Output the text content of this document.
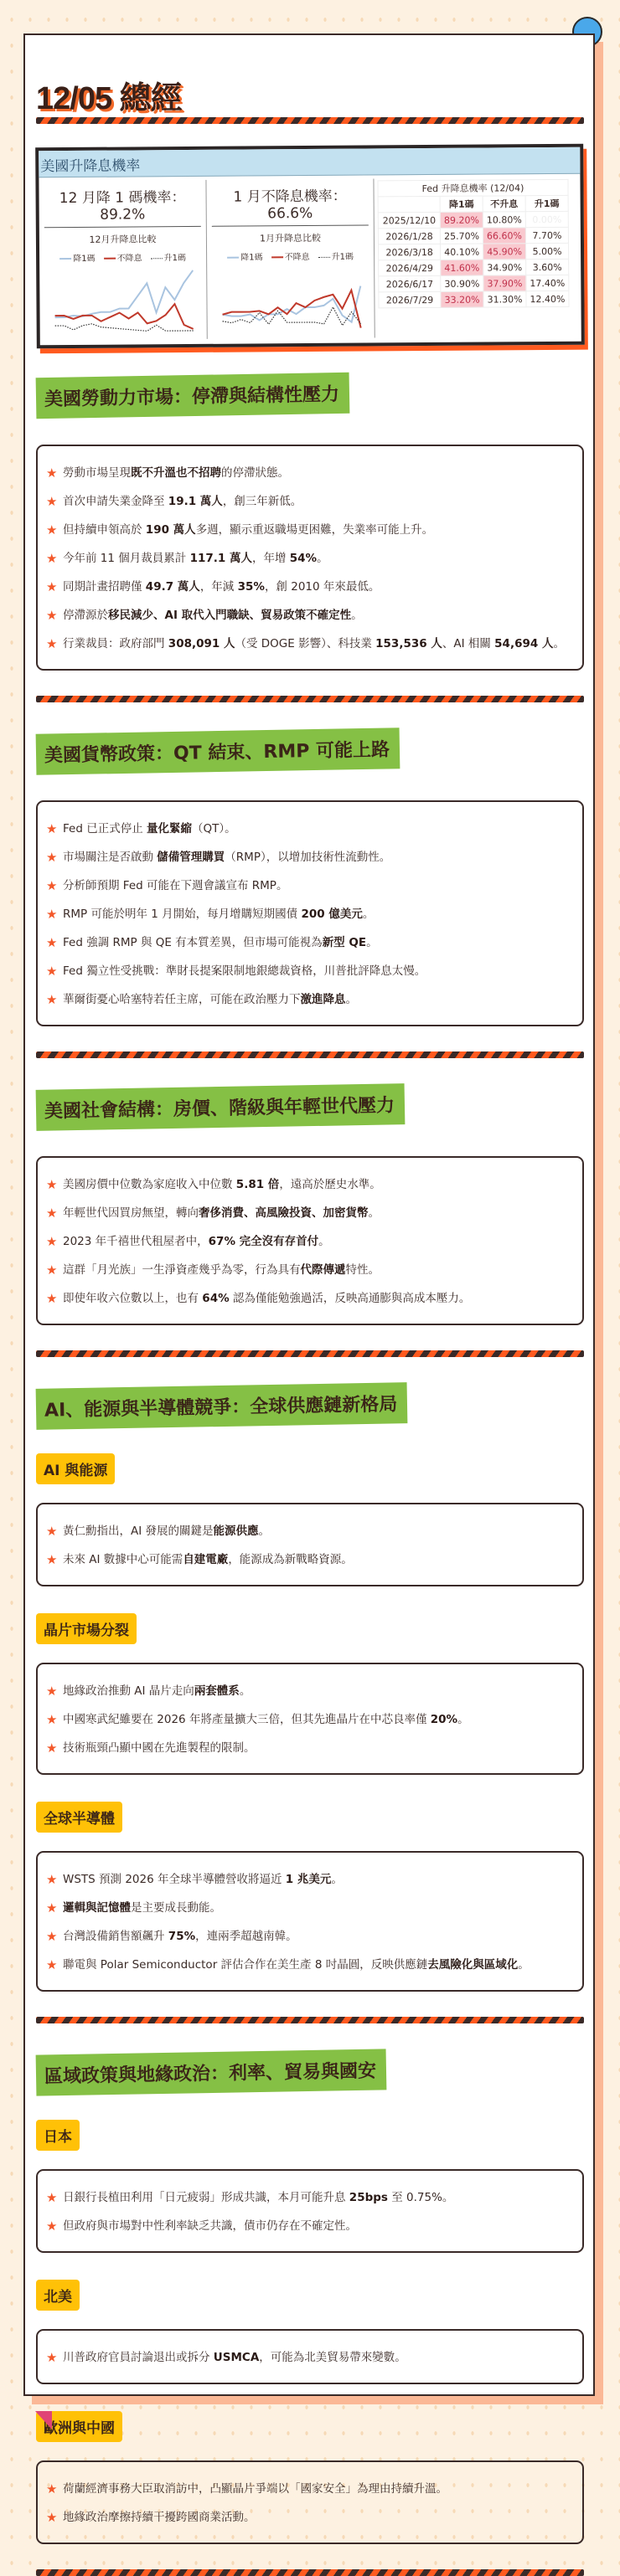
12/05 總經
美國升降息機率
12 月降 1 碼機率：89.2%
12月升降息比較
降1碼	不降息	升1碼
1 月不降息機率：66.6%
1月升降息比較
降1碼	不降息	升1碼
Fed 升降息機率 (12/04)			
	降1碼	不升息	升1碼
2025/12/10	89.20%	10.80%	0.00%
2026/1/28	25.70%	66.60%	7.70%
2026/3/18	40.10%	45.90%	5.00%
2026/4/29	41.60%	34.90%	3.60%
2026/6/17	30.90%	37.90%	17.40%
2026/7/29	33.20%	31.30%	12.40%
美國勞動力市場：停滯與結構性壓力
★ 勞動市場呈現既不升溫也不招聘的停滯狀態。
★ 首次申請失業金降至 19.1 萬人，創三年新低。
★ 但持續申領高於 190 萬人多週，顯示重返職場更困難，失業率可能上升。
★ 今年前 11 個月裁員累計 117.1 萬人，年增 54%。
★ 同期計畫招聘僅 49.7 萬人，年減 35%，創 2010 年來最低。
★ 停滯源於移民減少、AI 取代入門職缺、貿易政策不確定性。
★ 行業裁員：政府部門 308,091 人（受 DOGE 影響）、科技業 153,536 人、AI 相關 54,694 人。
美國貨幣政策：QT 結束、RMP 可能上路
★ Fed 已正式停止 量化緊縮（QT）。
★ 市場關注是否啟動 儲備管理購買（RMP），以增加技術性流動性。
★ 分析師預期 Fed 可能在下週會議宣布 RMP。
★ RMP 可能於明年 1 月開始，每月增購短期國債 200 億美元。
★ Fed 強調 RMP 與 QE 有本質差異，但市場可能視為新型 QE。
★ Fed 獨立性受挑戰：準財長提案限制地銀總裁資格，川普批評降息太慢。
★ 華爾街憂心哈塞特若任主席，可能在政治壓力下激進降息。
美國社會結構：房價、階級與年輕世代壓力
★ 美國房價中位數為家庭收入中位數 5.81 倍，遠高於歷史水準。
★ 年輕世代因買房無望，轉向奢侈消費、高風險投資、加密貨幣。
★ 2023 年千禧世代租屋者中，67% 完全沒有存首付。
★ 這群「月光族」一生淨資產幾乎為零，行為具有代際傳遞特性。
★ 即使年收六位數以上，也有 64% 認為僅能勉強過活，反映高通膨與高成本壓力。
AI、能源與半導體競爭：全球供應鏈新格局
AI 與能源
★ 黃仁勳指出，AI 發展的關鍵是能源供應。
★ 未來 AI 數據中心可能需自建電廠，能源成為新戰略資源。
晶片市場分裂
★ 地緣政治推動 AI 晶片走向兩套體系。
★ 中國寒武紀雖要在 2026 年將產量擴大三倍，但其先進晶片在中芯良率僅 20%。
★ 技術瓶頸凸顯中國在先進製程的限制。
全球半導體
★ WSTS 預測 2026 年全球半導體營收將逼近 1 兆美元。
★ 邏輯與記憶體是主要成長動能。
★ 台灣設備銷售額飆升 75%，連兩季超越南韓。
★ 聯電與 Polar Semiconductor 評估合作在美生產 8 吋晶圓，反映供應鏈去風險化與區域化。
區域政策與地緣政治：利率、貿易與國安
日本
★ 日銀行長植田利用「日元疲弱」形成共識，本月可能升息 25bps 至 0.75%。
★ 但政府與市場對中性利率缺乏共識，債市仍存在不確定性。
北美
★ 川普政府官員討論退出或拆分 USMCA，可能為北美貿易帶來變數。
歐洲與中國
★ 荷蘭經濟事務大臣取消訪中，凸顯晶片爭端以「國家安全」為理由持續升溫。
★ 地緣政治摩擦持續干擾跨國商業活動。
